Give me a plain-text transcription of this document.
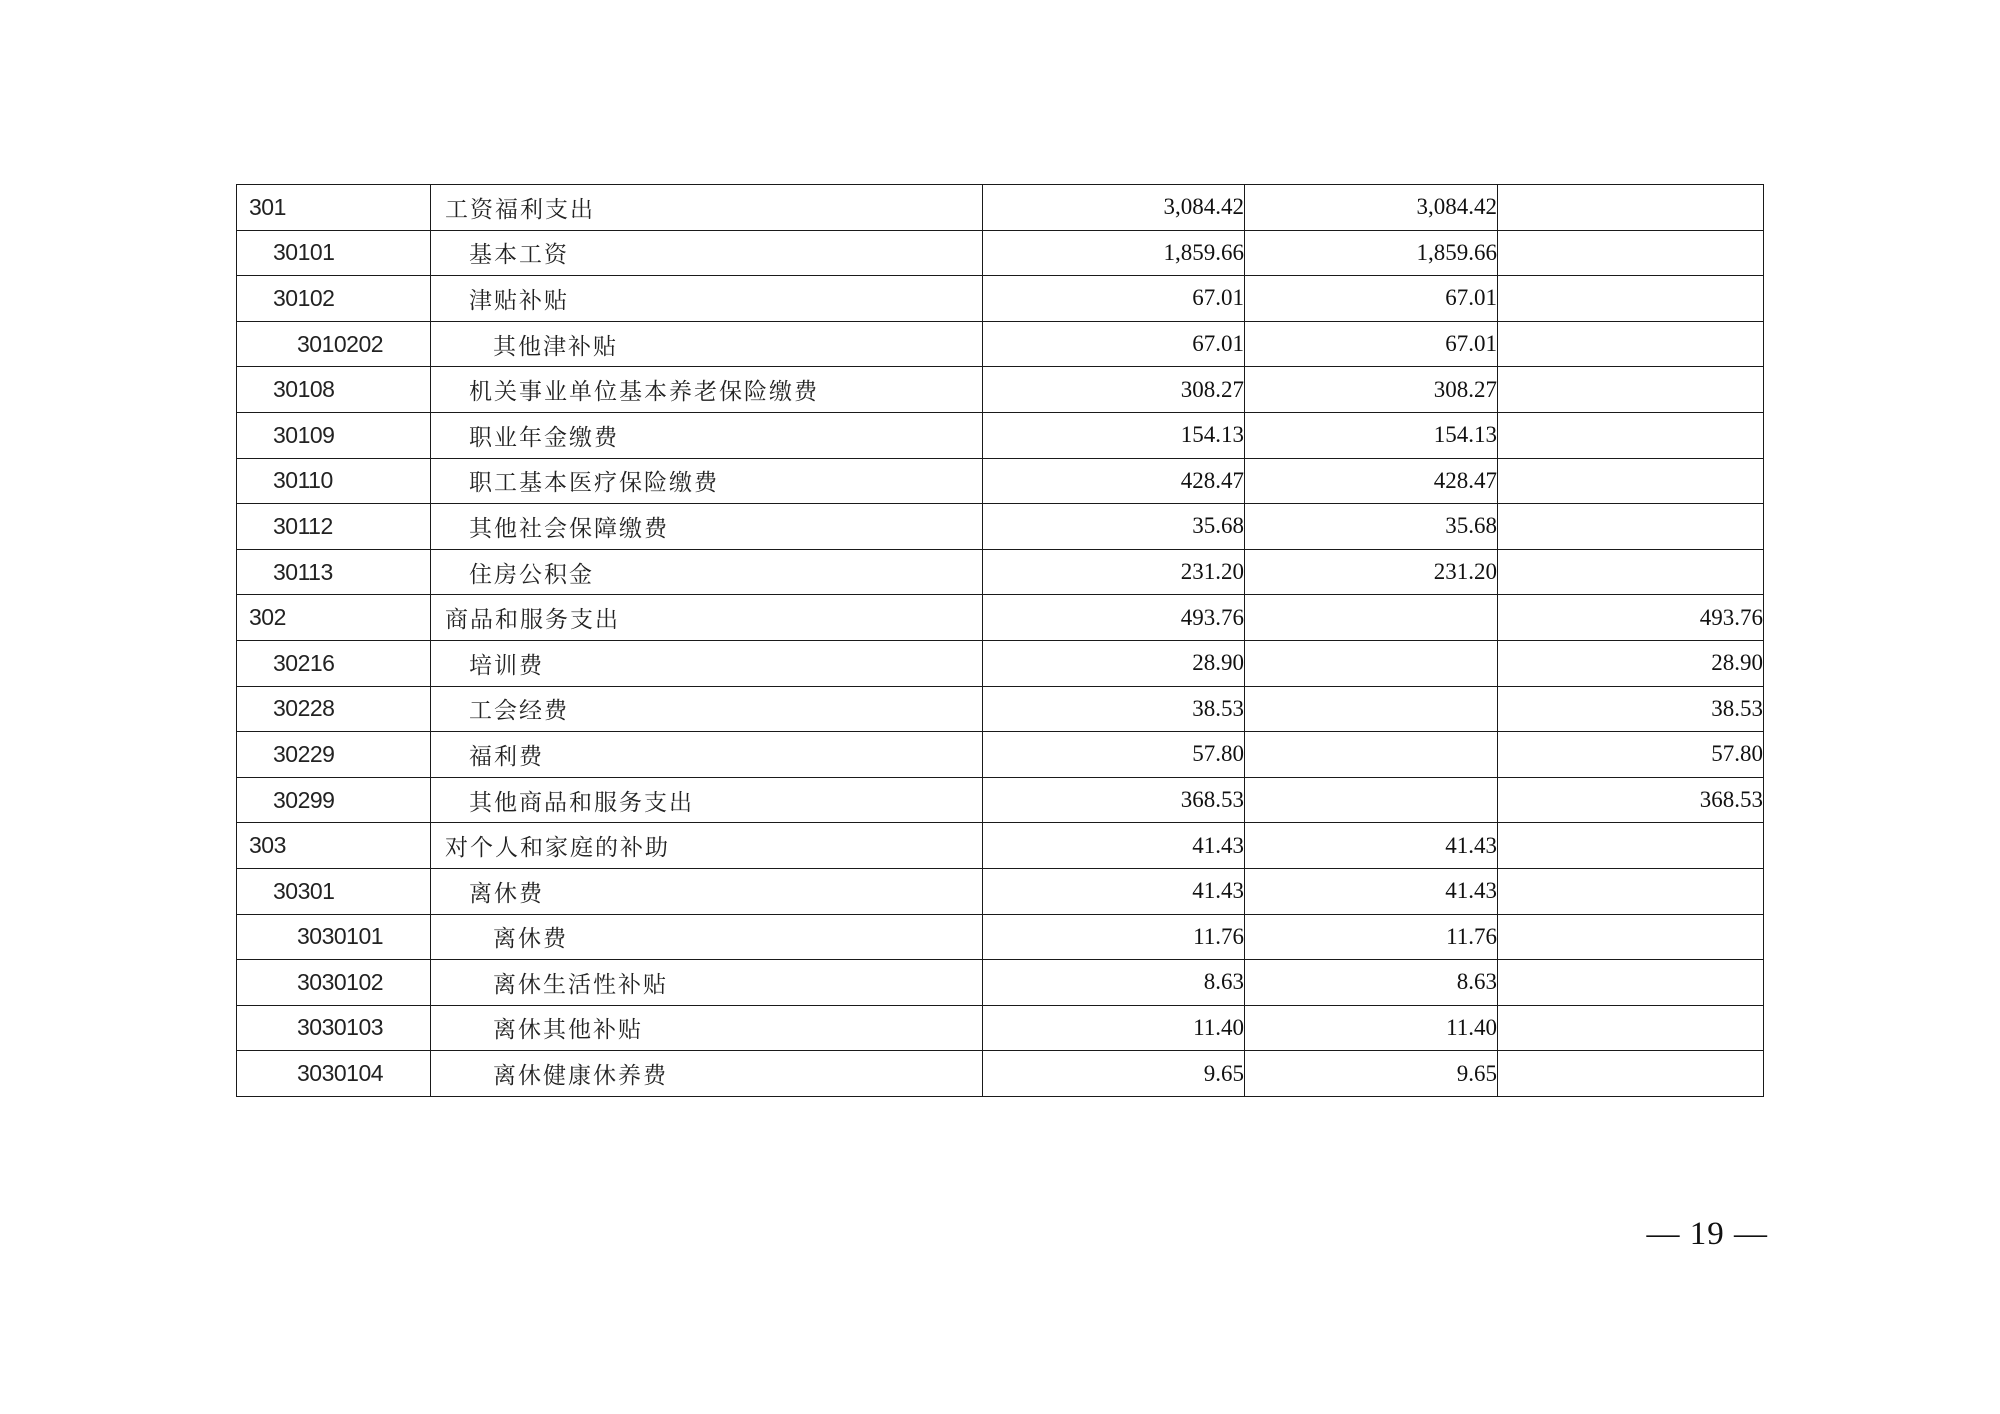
301	工资福利支出	3,084.42	3,084.42	
30101	基本工资	1,859.66	1,859.66	
30102	津贴补贴	67.01	67.01	
3010202	其他津补贴	67.01	67.01	
30108	机关事业单位基本养老保险缴费	308.27	308.27	
30109	职业年金缴费	154.13	154.13	
30110	职工基本医疗保险缴费	428.47	428.47	
30112	其他社会保障缴费	35.68	35.68	
30113	住房公积金	231.20	231.20	
302	商品和服务支出	493.76		493.76
30216	培训费	28.90		28.90
30228	工会经费	38.53		38.53
30229	福利费	57.80		57.80
30299	其他商品和服务支出	368.53		368.53
303	对个人和家庭的补助	41.43	41.43	
30301	离休费	41.43	41.43	
3030101	离休费	11.76	11.76	
3030102	离休生活性补贴	8.63	8.63	
3030103	离休其他补贴	11.40	11.40	
3030104	离休健康休养费	9.65	9.65	
— 19 —
